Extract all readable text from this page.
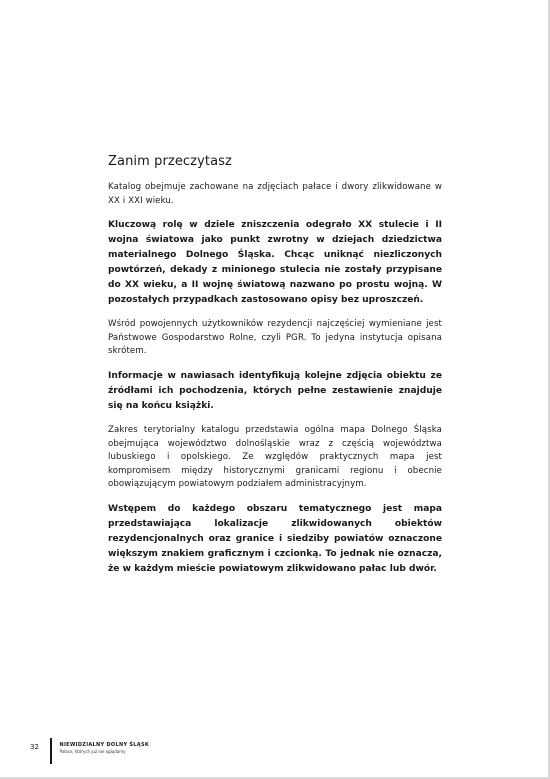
Zanim przeczytasz

Katalog obejmuje zachowane na zdjęciach pałace i dwory zlikwidowane w XX i XXI wieku.

Kluczową rolę w dziele zniszczenia odegrało XX stulecie i II wojna światowa jako punkt zwrotny w dziejach dziedzictwa materialnego Dolnego Śląska. Chcąc uniknąć niezliczonych powtórzeń, dekady z minionego stulecia nie zostały przypisane do XX wieku, a II wojnę światową nazwano po prostu wojną. W pozostałych przypadkach zastosowano opisy bez uproszczeń.

Wśród powojennych użytkowników rezydencji najczęściej wymieniane jest Państwowe Gospodarstwo Rolne, czyli PGR. To jedyna instytucja opisana skrótem.

Informacje w nawiasach identyfikują kolejne zdjęcia obiektu ze źródłami ich pochodzenia, których pełne zestawienie znajduje się na końcu książki.

Zakres terytorialny katalogu przedstawia ogólna mapa Dolnego Śląska obejmująca województwo dolnośląskie wraz z częścią województwa lubuskiego i opolskiego. Ze względów praktycznych mapa jest kompromisem między historycznymi granicami regionu i obecnie obowiązującym powiatowym podziałem administracyjnym.

Wstępem do każdego obszaru tematycznego jest mapa przedstawiająca lokalizacje zlikwidowanych obiektów rezydencjonalnych oraz granice i siedziby powiatów oznaczone większym znakiem graficznym i czcionką. To jednak nie oznacza, że w każdym mieście powiatowym zlikwidowano pałac lub dwór.

32	NIEWIDZIALNY DOLNY ŚLĄSK
Pałace, których już nie oglądamy
